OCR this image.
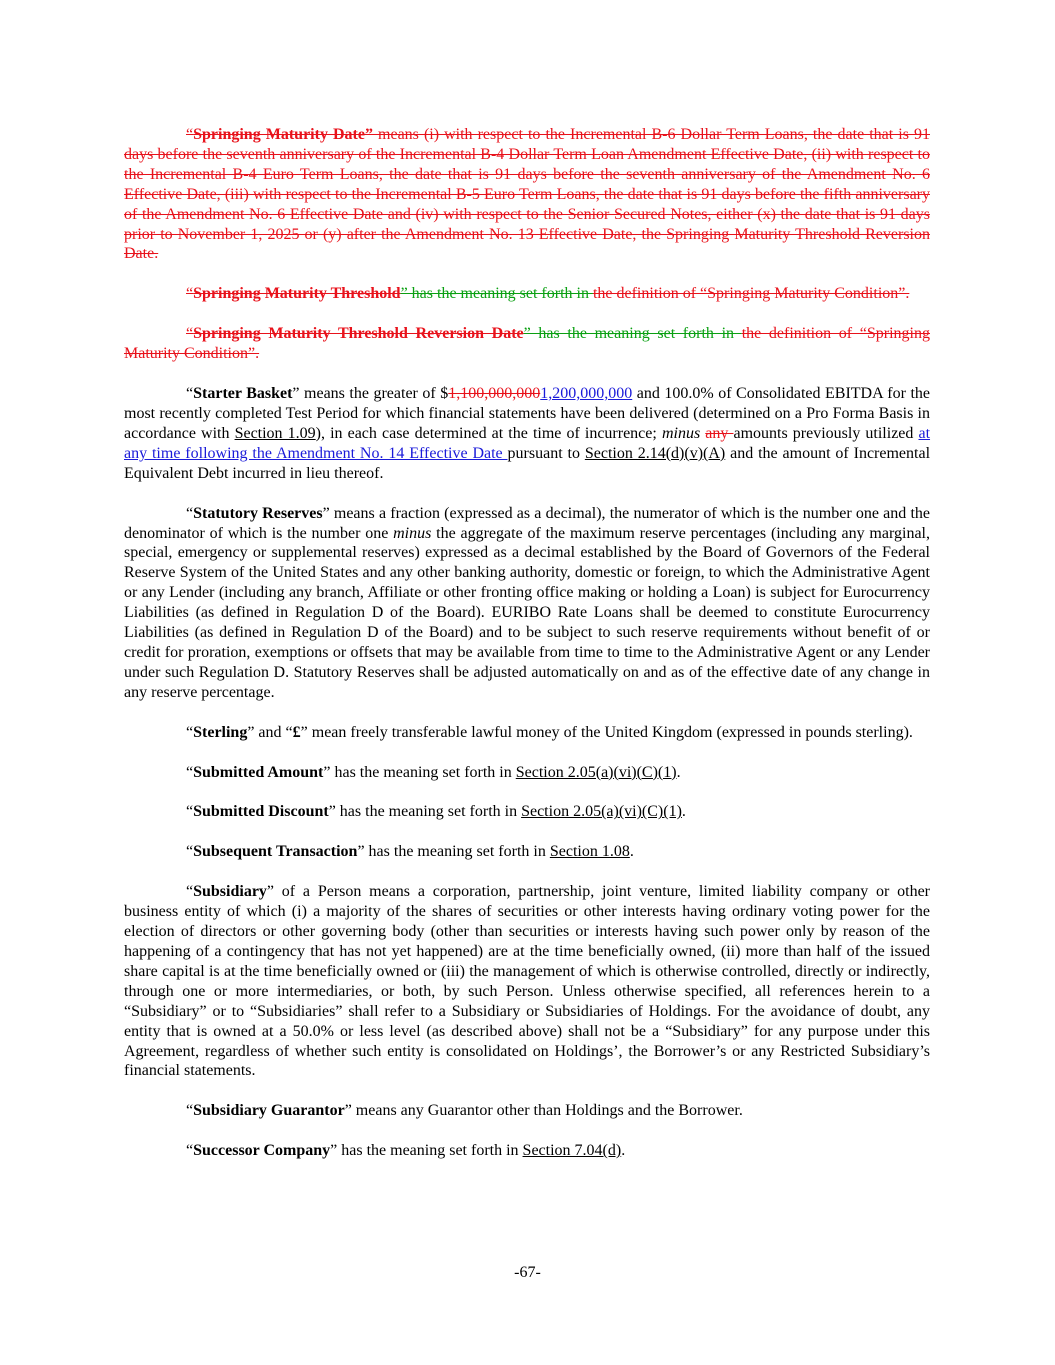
“Springing Maturity Date” means (i) with respect to the Incremental B-6 Dollar Term Loans, the date that is 91 days before the seventh anniversary of the Incremental B-4 Dollar Term Loan Amendment Effective Date, (ii) with respect to the Incremental B-4 Euro Term Loans, the date that is 91 days before the seventh anniversary of the Amendment No. 6 Effective Date, (iii) with respect to the Incremental B-5 Euro Term Loans, the date that is 91 days before the fifth anniversary of the Amendment No. 6 Effective Date and (iv) with respect to the Senior Secured Notes, either (x) the date that is 91 days prior to November 1, 2025 or (y) after the Amendment No. 13 Effective Date, the Springing Maturity Threshold Reversion Date.

“Springing Maturity Threshold” has the meaning set forth in the definition of “Springing Maturity Condition”.

“Springing Maturity Threshold Reversion Date” has the meaning set forth in the definition of “Springing Maturity Condition”.

“Starter Basket” means the greater of $1,100,000,0001,200,000,000 and 100.0% of Consolidated EBITDA for the most recently completed Test Period for which financial statements have been delivered (determined on a Pro Forma Basis in accordance with Section 1.09), in each case determined at the time of incurrence; minus any amounts previously utilized at any time following the Amendment No. 14 Effective Date pursuant to Section 2.14(d)(v)(A) and the amount of Incremental Equivalent Debt incurred in lieu thereof.

“Statutory Reserves” means a fraction (expressed as a decimal), the numerator of which is the number one and the denominator of which is the number one minus the aggregate of the maximum reserve percentages (including any marginal, special, emergency or supplemental reserves) expressed as a decimal established by the Board of Governors of the Federal Reserve System of the United States and any other banking authority, domestic or foreign, to which the Administrative Agent or any Lender (including any branch, Affiliate or other fronting office making or holding a Loan) is subject for Eurocurrency Liabilities (as defined in Regulation D of the Board). EURIBO Rate Loans shall be deemed to constitute Eurocurrency Liabilities (as defined in Regulation D of the Board) and to be subject to such reserve requirements without benefit of or credit for proration, exemptions or offsets that may be available from time to time to the Administrative Agent or any Lender under such Regulation D. Statutory Reserves shall be adjusted automatically on and as of the effective date of any change in any reserve percentage.

“Sterling” and “£” mean freely transferable lawful money of the United Kingdom (expressed in pounds sterling).

“Submitted Amount” has the meaning set forth in Section 2.05(a)(vi)(C)(1).

“Submitted Discount” has the meaning set forth in Section 2.05(a)(vi)(C)(1).

“Subsequent Transaction” has the meaning set forth in Section 1.08.

“Subsidiary” of a Person means a corporation, partnership, joint venture, limited liability company or other business entity of which (i) a majority of the shares of securities or other interests having ordinary voting power for the election of directors or other governing body (other than securities or interests having such power only by reason of the happening of a contingency that has not yet happened) are at the time beneficially owned, (ii) more than half of the issued share capital is at the time beneficially owned or (iii) the management of which is otherwise controlled, directly or indirectly, through one or more intermediaries, or both, by such Person. Unless otherwise specified, all references herein to a “Subsidiary” or to “Subsidiaries” shall refer to a Subsidiary or Subsidiaries of Holdings. For the avoidance of doubt, any entity that is owned at a 50.0% or less level (as described above) shall not be a “Subsidiary” for any purpose under this Agreement, regardless of whether such entity is consolidated on Holdings’, the Borrower’s or any Restricted Subsidiary’s financial statements.

“Subsidiary Guarantor” means any Guarantor other than Holdings and the Borrower.

“Successor Company” has the meaning set forth in Section 7.04(d).

-67-
